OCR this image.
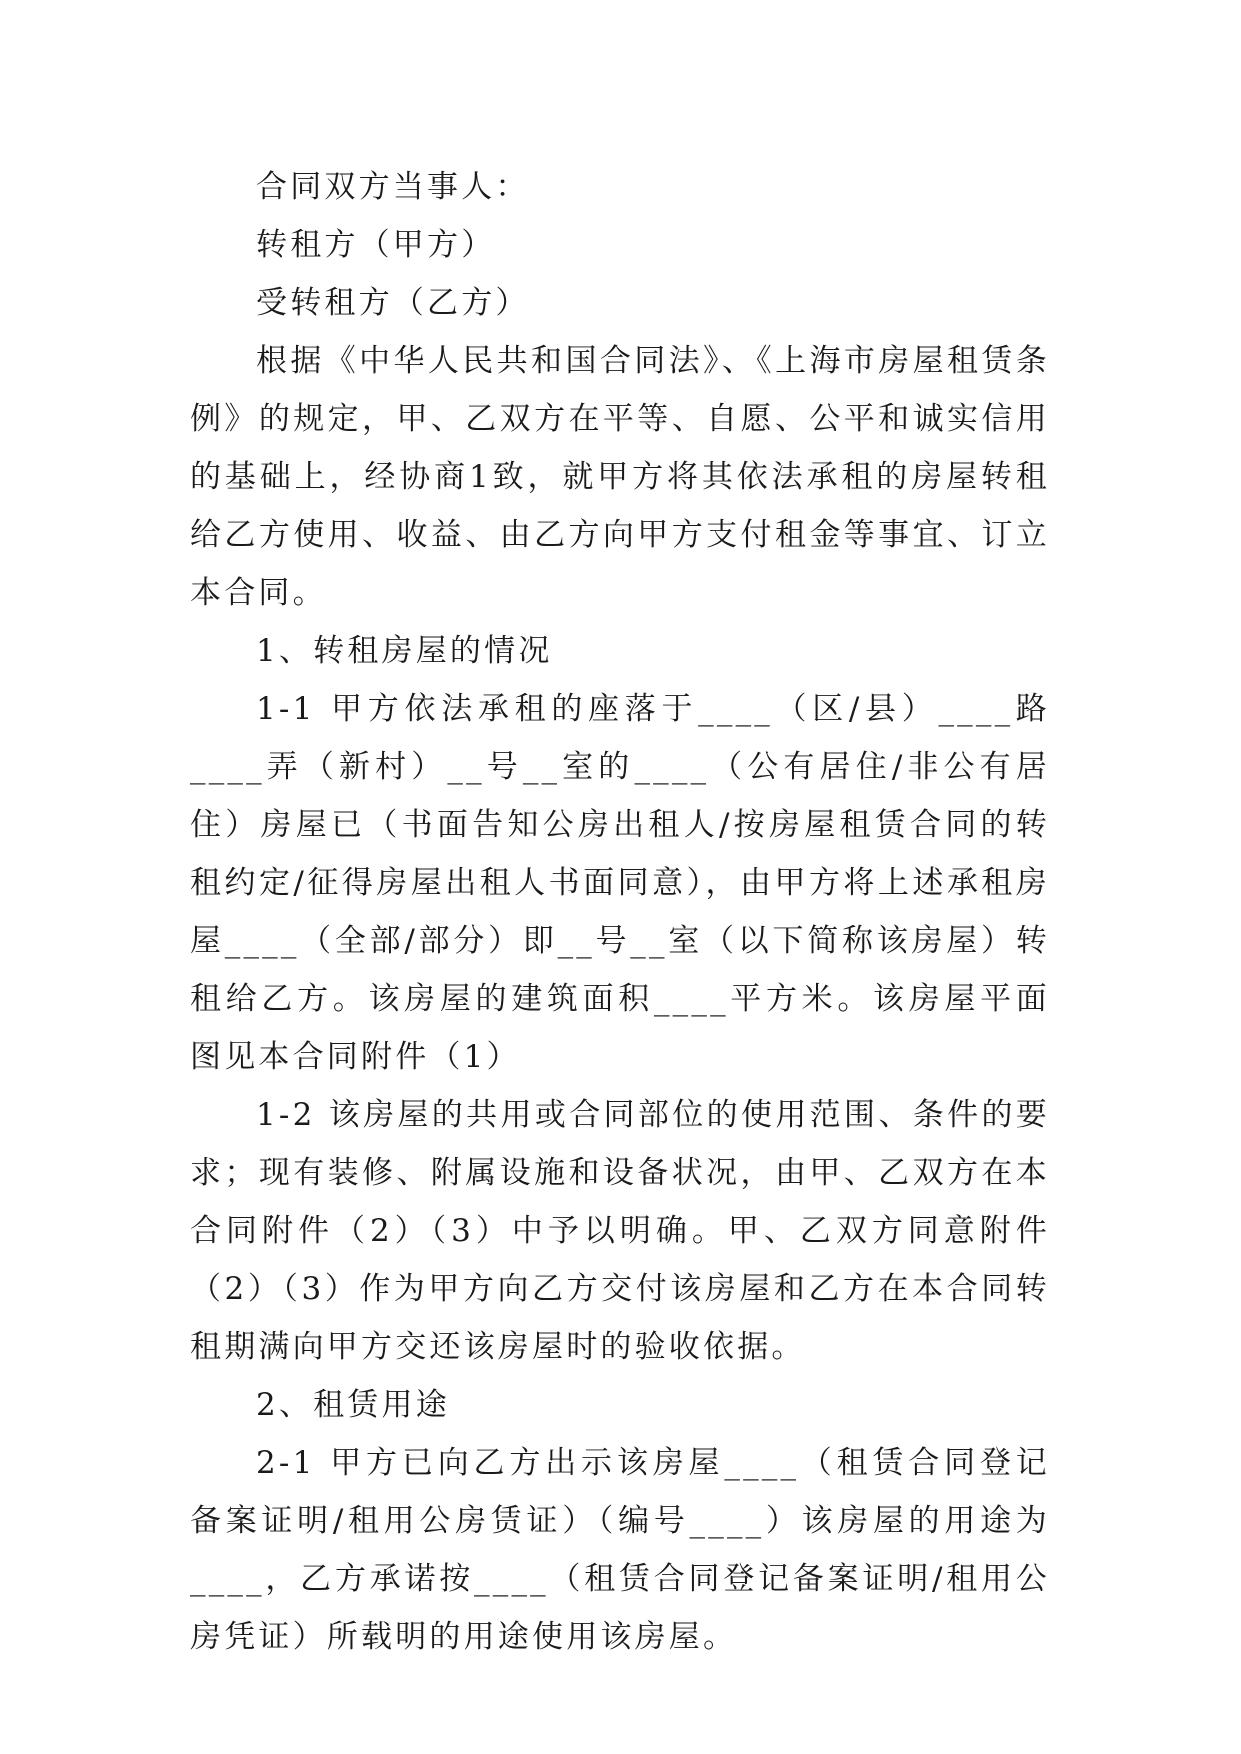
合同双方当事人：

转租方（甲方）

受转租方（乙方）

根据《中华人民共和国合同法》、《上海市房屋租赁条例》的规定，甲、乙双方在平等、自愿、公平和诚实信用的基础上，经协商1致，就甲方将其依法承租的房屋转租给乙方使用、收益、由乙方向甲方支付租金等事宜、订立本合同。

1、转租房屋的情况

1-1 甲方依法承租的座落于____（区/县）____路____弄（新村）__号__室的____（公有居住/非公有居住）房屋已（书面告知公房出租人/按房屋租赁合同的转租约定/征得房屋出租人书面同意），由甲方将上述承租房屋____（全部/部分）即__号__室（以下简称该房屋）转租给乙方。该房屋的建筑面积____平方米。该房屋平面图见本合同附件（1）

1-2 该房屋的共用或合同部位的使用范围、条件的要求；现有装修、附属设施和设备状况，由甲、乙双方在本合同附件（2）（3）中予以明确。甲、乙双方同意附件（2）（3）作为甲方向乙方交付该房屋和乙方在本合同转租期满向甲方交还该房屋时的验收依据。

2、租赁用途

2-1 甲方已向乙方出示该房屋____（租赁合同登记备案证明/租用公房赁证）（编号____）该房屋的用途为____，乙方承诺按____（租赁合同登记备案证明/租用公房凭证）所载明的用途使用该房屋。
